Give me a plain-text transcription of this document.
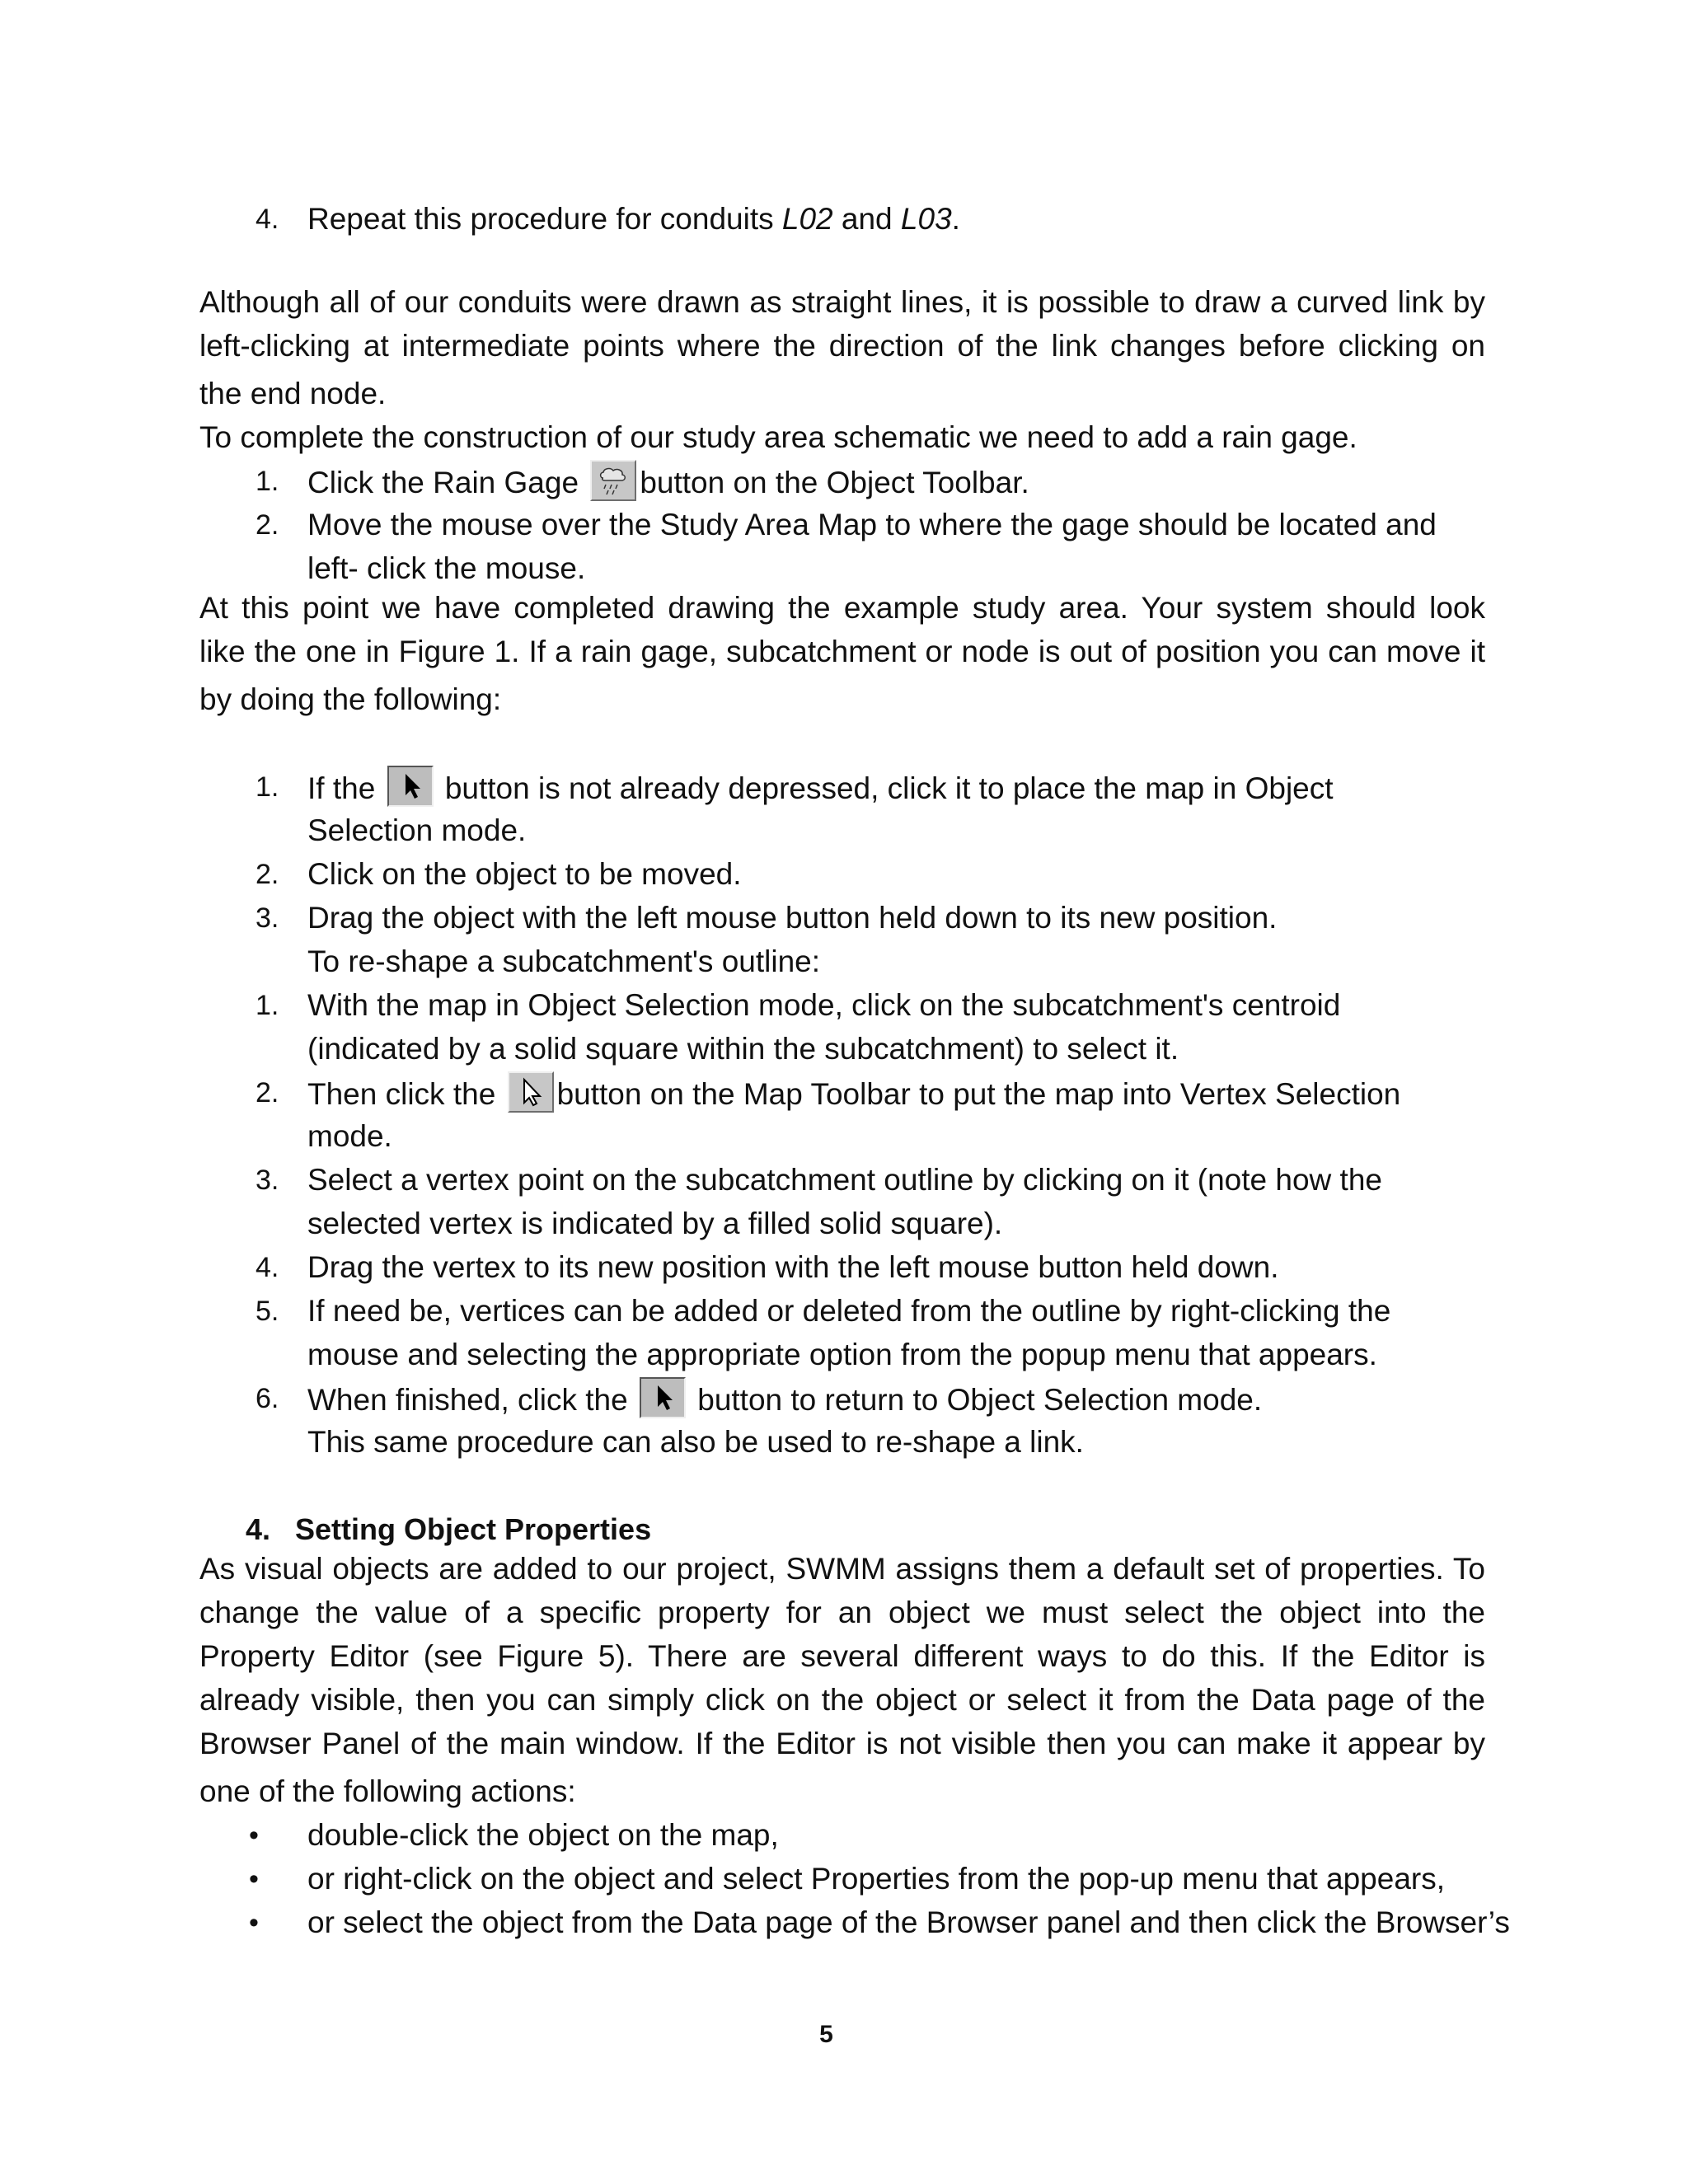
4. Repeat this procedure for conduits L02 and L03.
Although all of our conduits were drawn as straight lines, it is possible to draw a curved link by
left-clicking at intermediate points where the direction of the link changes before clicking on
the end node.
To complete the construction of our study area schematic we need to add a rain gage.
1. Click the Rain Gage
button on the Object Toolbar.
2. Move the mouse over the Study Area Map to where the gage should be located and
left- click the mouse.
At this point we have completed drawing the example study area. Your system should look
like the one in Figure 1. If a rain gage, subcatchment or node is out of position you can move it
by doing the following:
1. If the
button is not already depressed, click it to place the map in Object
Selection mode.
2. Click on the object to be moved.
3. Drag the object with the left mouse button held down to its new position.
To re-shape a subcatchment's outline:
1. With the map in Object Selection mode, click on the subcatchment's centroid
(indicated by a solid square within the subcatchment) to select it.
2. Then click the
button on the Map Toolbar to put the map into Vertex Selection
mode.
3. Select a vertex point on the subcatchment outline by clicking on it (note how the
selected vertex is indicated by a filled solid square).
4. Drag the vertex to its new position with the left mouse button held down.
5. If need be, vertices can be added or deleted from the outline by right-clicking the
mouse and selecting the appropriate option from the popup menu that appears.
6. When finished, click the
button to return to Object Selection mode.
This same procedure can also be used to re-shape a link.
4. Setting Object Properties
As visual objects are added to our project, SWMM assigns them a default set of properties. To
change the value of a specific property for an object we must select the object into the
Property Editor (see Figure 5). There are several different ways to do this. If the Editor is
already visible, then you can simply click on the object or select it from the Data page of the
Browser Panel of the main window. If the Editor is not visible then you can make it appear by
one of the following actions:
• double-click the object on the map,
• or right-click on the object and select Properties from the pop-up menu that appears,
• or select the object from the Data page of the Browser panel and then click the Browser’s
5
